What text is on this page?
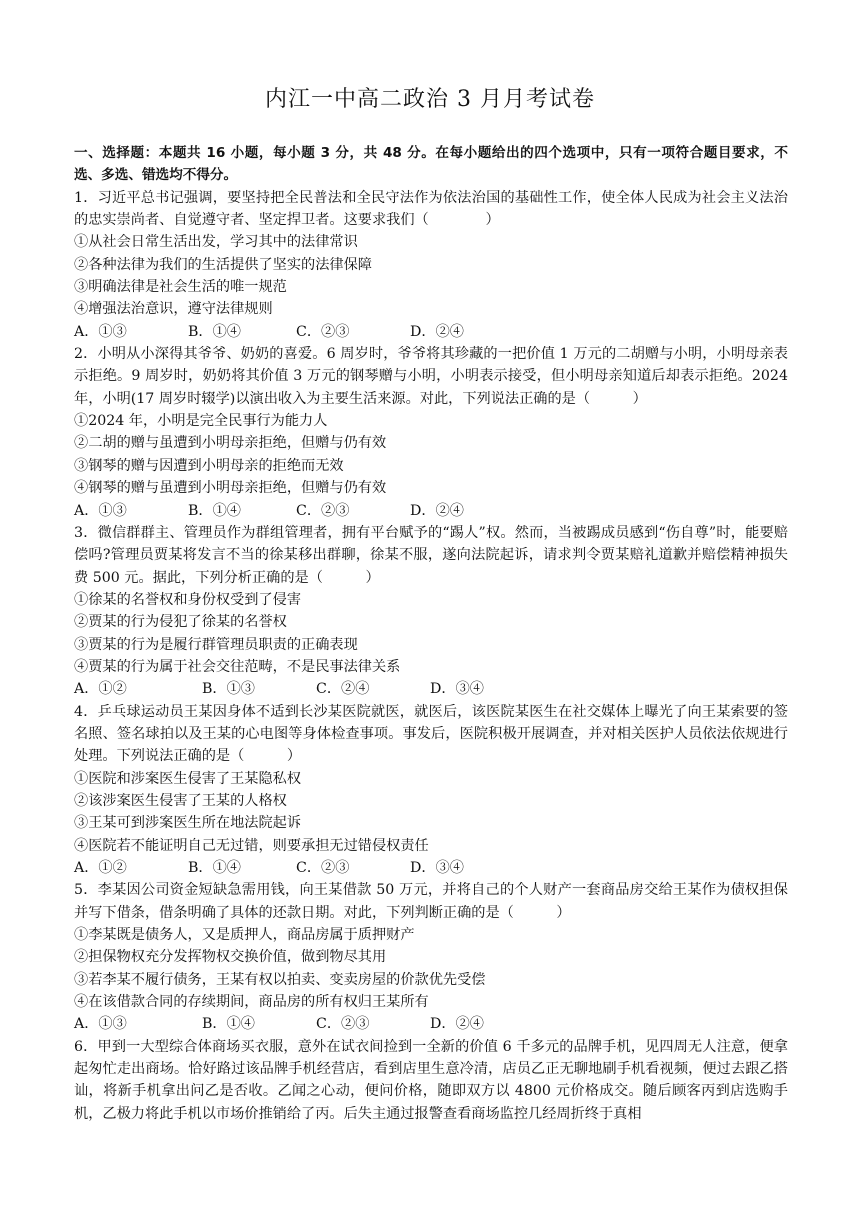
内江一中高二政治 3 月月考试卷

一、选择题：本题共 16 小题，每小题 3 分，共 48 分。在每小题给出的四个选项中，只有一项符合题目要求，不选、多选、错选均不得分。

1．习近平总书记强调，要坚持把全民普法和全民守法作为依法治国的基础性工作，使全体人民成为社会主义法治的忠实崇尚者、自觉遵守者、坚定捍卫者。这要求我们（　　　　）

①从社会日常生活出发，学习其中的法律常识

②各种法律为我们的生活提供了坚实的法律保障

③明确法律是社会生活的唯一规范

④增强法治意识，遵守法律规则

A．①③	B．①④	C．②③	D．②④

2．小明从小深得其爷爷、奶奶的喜爱。6 周岁时，爷爷将其珍藏的一把价值 1 万元的二胡赠与小明，小明母亲表示拒绝。9 周岁时，奶奶将其价值 3 万元的钢琴赠与小明，小明表示接受，但小明母亲知道后却表示拒绝。2024 年，小明(17 周岁时辍学)以演出收入为主要生活来源。对此，下列说法正确的是（　　　）

①2024 年，小明是完全民事行为能力人

②二胡的赠与虽遭到小明母亲拒绝，但赠与仍有效

③钢琴的赠与因遭到小明母亲的拒绝而无效

④钢琴的赠与虽遭到小明母亲拒绝，但赠与仍有效

A．①③	B．①④	C．②③	D．②④

3．微信群群主、管理员作为群组管理者，拥有平台赋予的“踢人”权。然而，当被踢成员感到“伤自尊”时，能要赔偿吗?管理员贾某将发言不当的徐某移出群聊，徐某不服，遂向法院起诉，请求判令贾某赔礼道歉并赔偿精神损失费 500 元。据此，下列分析正确的是（　　　）

①徐某的名誉权和身份权受到了侵害

②贾某的行为侵犯了徐某的名誉权

③贾某的行为是履行群管理员职责的正确表现

④贾某的行为属于社会交往范畴，不是民事法律关系

A．①②	B．①③	C．②④	D．③④

4．乒乓球运动员王某因身体不适到长沙某医院就医，就医后，该医院某医生在社交媒体上曝光了向王某索要的签名照、签名球拍以及王某的心电图等身体检查事项。事发后，医院积极开展调查，并对相关医护人员依法依规进行处理。下列说法正确的是（　　　）

①医院和涉案医生侵害了王某隐私权

②该涉案医生侵害了王某的人格权

③王某可到涉案医生所在地法院起诉

④医院若不能证明自己无过错，则要承担无过错侵权责任

A．①②	B．①④	C．②③	D．③④

5．李某因公司资金短缺急需用钱，向王某借款 50 万元，并将自己的个人财产一套商品房交给王某作为债权担保并写下借条，借条明确了具体的还款日期。对此，下列判断正确的是（　　　）

①李某既是债务人，又是质押人，商品房属于质押财产

②担保物权充分发挥物权交换价值，做到物尽其用

③若李某不履行债务，王某有权以拍卖、变卖房屋的价款优先受偿

④在该借款合同的存续期间，商品房的所有权归王某所有

A．①③	B．①④	C．②③	D．②④

6．甲到一大型综合体商场买衣服，意外在试衣间捡到一全新的价值 6 千多元的品牌手机，见四周无人注意，便拿起匆忙走出商场。恰好路过该品牌手机经营店，看到店里生意冷清，店员乙正无聊地刷手机看视频，便过去跟乙搭讪，将新手机拿出问乙是否收。乙闻之心动，便问价格，随即双方以 4800 元价格成交。随后顾客丙到店选购手机，乙极力将此手机以市场价推销给了丙。后失主通过报警查看商场监控几经周折终于真相
